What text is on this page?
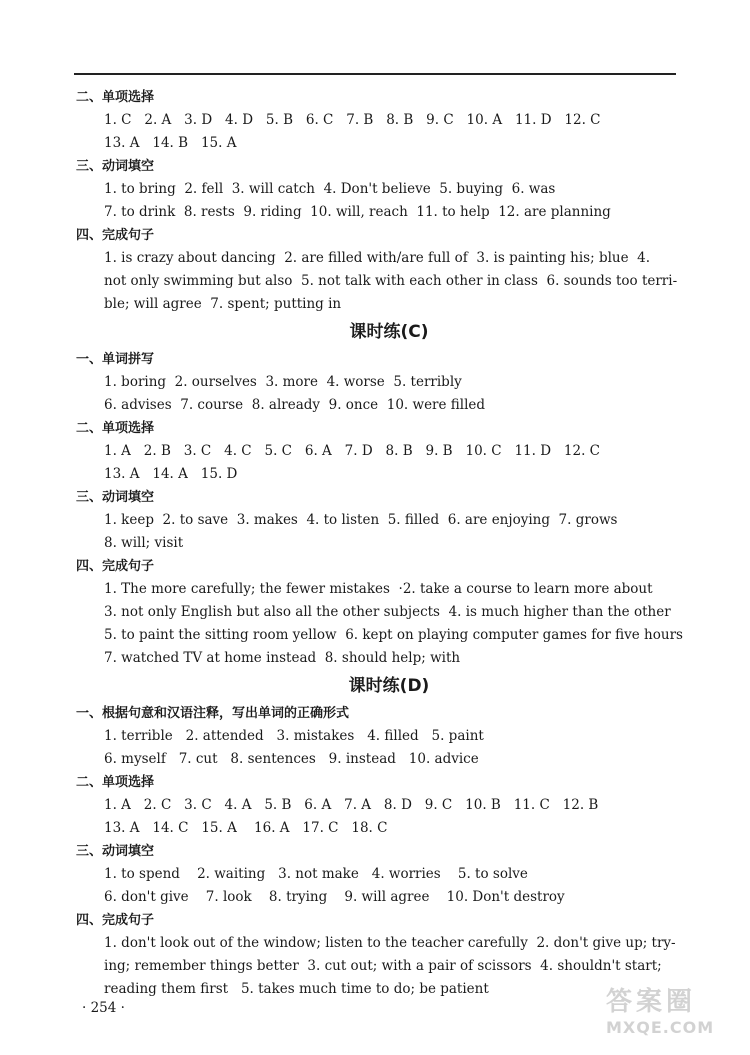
二、单项选择
1. C   2. A   3. D   4. D   5. B   6. C   7. B   8. B   9. C   10. A   11. D   12. C
13. A   14. B   15. A
三、动词填空
1. to bring  2. fell  3. will catch  4. Don't believe  5. buying  6. was
7. to drink  8. rests  9. riding  10. will, reach  11. to help  12. are planning
四、完成句子
1. is crazy about dancing  2. are filled with/are full of  3. is painting his; blue  4.
not only swimming but also  5. not talk with each other in class  6. sounds too terri-
ble; will agree  7. spent; putting in
课时练(C)
一、单词拼写
1. boring  2. ourselves  3. more  4. worse  5. terribly
6. advises  7. course  8. already  9. once  10. were filled
二、单项选择
1. A   2. B   3. C   4. C   5. C   6. A   7. D   8. B   9. B   10. C   11. D   12. C
13. A   14. A   15. D
三、动词填空
1. keep  2. to save  3. makes  4. to listen  5. filled  6. are enjoying  7. grows
8. will; visit
四、完成句子
1. The more carefully; the fewer mistakes  ·2. take a course to learn more about
3. not only English but also all the other subjects  4. is much higher than the other
5. to paint the sitting room yellow  6. kept on playing computer games for five hours
7. watched TV at home instead  8. should help; with
课时练(D)
一、根据句意和汉语注释，写出单词的正确形式
1. terrible   2. attended   3. mistakes   4. filled   5. paint
6. myself   7. cut   8. sentences   9. instead   10. advice
二、单项选择
1. A   2. C   3. C   4. A   5. B   6. A   7. A   8. D   9. C   10. B   11. C   12. B
13. A   14. C   15. A    16. A   17. C   18. C
三、动词填空
1. to spend    2. waiting   3. not make   4. worries    5. to solve
6. don't give    7. look    8. trying    9. will agree    10. Don't destroy
四、完成句子
1. don't look out of the window; listen to the teacher carefully  2. don't give up; try-
ing; remember things better  3. cut out; with a pair of scissors  4. shouldn't start;
reading them first   5. takes much time to do; be patient
· 254 ·	答案圈
MXQE.COM
